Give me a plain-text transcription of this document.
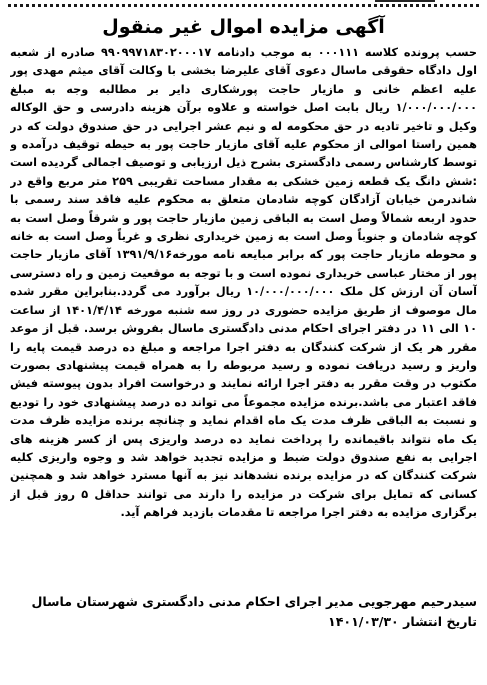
آگهی مزایده اموال غیر منقول

حسب پرونده کلاسه ۰۰۰۱۱۱ به موجب دادنامه ۹۹۰۹۹۷۱۸۳۰۲۰۰۰۱۷ صادره از شعبه اول دادگاه حقوقی ماسال دعوی آقای علیرضا بخشی با وکالت آقای میثم مهدی پور علیه اعظم خانی و مازیار حاجت پورشکاری دایر بر مطالبه وجه به مبلغ ۱/۰۰۰/۰۰۰/۰۰۰ ریال بابت اصل خواسته و علاوه برآن هزینه دادرسی و حق الوکاله وکیل و تاخیر تادیه در حق محکومه له و نیم عشر اجرایی در حق صندوق دولت که در همین راستا اموالی از محکوم علیه آقای مازیار حاجت پور به حیطه توقیف درآمده و توسط کارشناس رسمی دادگستری بشرح ذیل ارزیابی و توصیف اجمالی گردیده است :شش دانگ یک قطعه زمین خشکی به مقدار مساحت تقریبی ۲۵۹ متر مربع واقع در شاندرمن خیابان آزادگان کوچه شادمان متعلق به محکوم علیه فاقد سند رسمی با حدود اربعه شمالاً وصل است به الباقی زمین مازیار حاجت پور و شرقاً وصل است به کوچه شادمان و جنوباً وصل است به زمین خریداری نظری و غرباً وصل است به خانه و محوطه مازیار حاجت پور که برابر مبایعه نامه مورخه۱۳۹۱/۹/۱۶ آقای مازیار حاجت پور از مختار عباسی خریداری نموده است و با توجه به موقعیت زمین و راه دسترسی آسان آن ارزش کل ملک ۱۰/۰۰۰/۰۰۰/۰۰۰ ریال برآورد می گردد.بنابراین مقرر شده مال موصوف از طریق مزایده حضوری در روز سه شنبه مورخه ۱۴۰۱/۴/۱۴ از ساعت ۱۰ الی ۱۱ در دفتر اجرای احکام مدنی دادگستری ماسال بفروش برسد. قبل از موعد مقرر هر یک از شرکت کنندگان به دفتر اجرا مراجعه و مبلغ ده درصد قیمت پایه را واریز و رسید دریافت نموده و رسید مربوطه را به همراه قیمت پیشنهادی بصورت مکتوب در وقت مقرر به دفتر اجرا ارائه نمایند و درخواست افراد بدون پیوسته فیش فاقد اعتبار می باشد.برنده مزایده مجموعاً می تواند ده درصد پیشنهادی خود را تودیع و نسبت به الباقی ظرف مدت یک ماه اقدام نماید و چنانچه برنده مزایده ظرف مدت یک ماه نتواند باقیمانده را پرداخت نماید ده درصد واریزی پس از کسر هزینه های اجرایی به نفع صندوق دولت ضبط و مزایده تجدید خواهد شد و وجوه واریزی کلیه شرکت کنندگان که در مزایده برنده نشدهاند نیز به آنها مسترد خواهد شد و همچنین کسانی که تمایل برای شرکت در مزایده را دارند می توانند حداقل ۵ روز قبل از برگزاری مزایده به دفتر اجرا مراجعه تا مقدمات بازدید فراهم آید.

سیدرحیم مهرجویی مدیر اجرای احکام مدنی دادگستری شهرستان ماسال
تاریخ انتشار ۱۴۰۱/۰۳/۳۰
